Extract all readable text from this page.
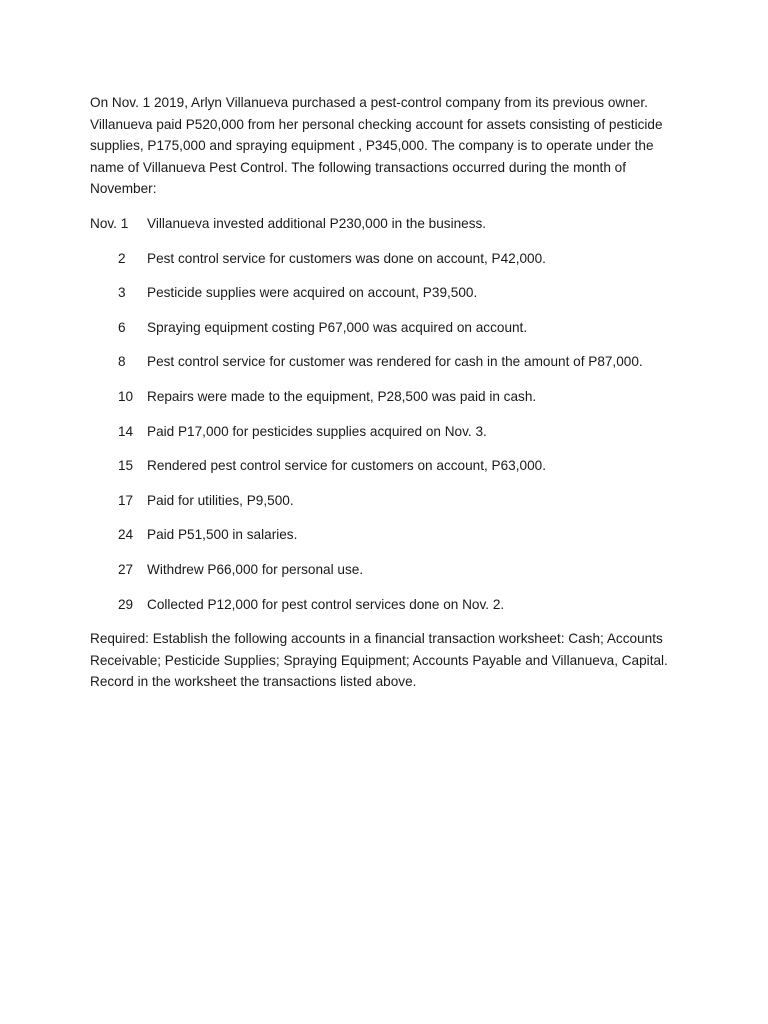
On Nov. 1 2019, Arlyn Villanueva purchased a pest-control company from its previous owner. Villanueva paid P520,000 from her personal checking account for assets consisting of pesticide supplies, P175,000 and spraying equipment , P345,000. The company is to operate under the name of Villanueva Pest Control. The following transactions occurred during the month of November:

Nov. 1	Villanueva invested additional P230,000 in the business.
2	Pest control service for customers was done on account, P42,000.
3	Pesticide supplies were acquired on account, P39,500.
6	Spraying equipment costing P67,000 was acquired on account.
8	Pest control service for customer was rendered for cash in the amount of P87,000.
10	Repairs were made to the equipment, P28,500 was paid in cash.
14	Paid P17,000 for pesticides supplies acquired on Nov. 3.
15	Rendered pest control service for customers on account, P63,000.
17	Paid for utilities, P9,500.
24	Paid P51,500 in salaries.
27	Withdrew P66,000 for personal use.
29	Collected P12,000 for pest control services done on Nov. 2.

Required: Establish the following accounts in a financial transaction worksheet: Cash; Accounts Receivable; Pesticide Supplies; Spraying Equipment; Accounts Payable and Villanueva, Capital. Record in the worksheet the transactions listed above.
